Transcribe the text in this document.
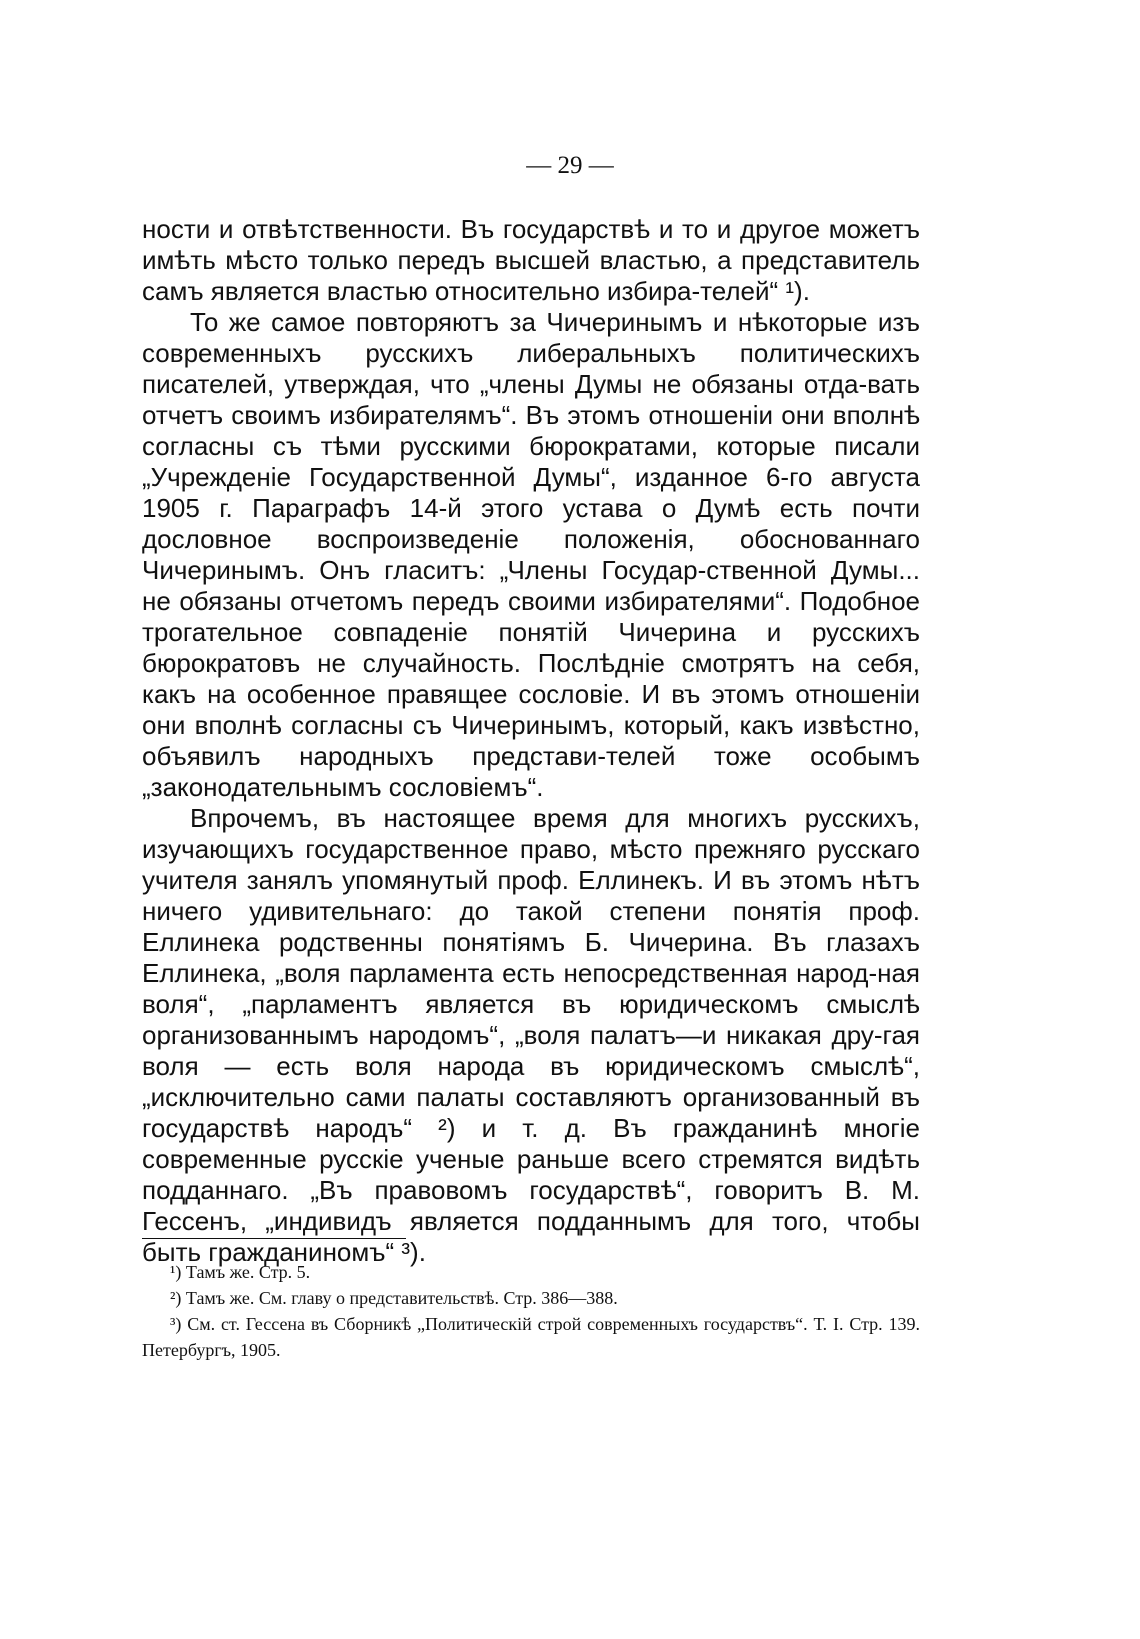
— 29 —

ности и отвѣтственности. Въ государствѣ и то и другое можетъ имѣть мѣсто только передъ высшей властью, а представитель самъ является властью относительно избира-телей“ ¹).

То же самое повторяютъ за Чичеринымъ и нѣкоторые изъ современныхъ русскихъ либеральныхъ политическихъ писателей, утверждая, что „члены Думы не обязаны отда-вать отчетъ своимъ избирателямъ“. Въ этомъ отношеніи они вполнѣ согласны съ тѣми русскими бюрократами, которые писали „Учрежденіе Государственной Думы“, изданное 6-го августа 1905 г. Параграфъ 14-й этого устава о Думѣ есть почти дословное воспроизведеніе положенія, обоснованнаго Чичеринымъ. Онъ гласитъ: „Члены Государ-ственной Думы... не обязаны отчетомъ передъ своими избирателями“. Подобное трогательное совпаденіе понятій Чичерина и русскихъ бюрократовъ не случайность. Послѣдніе смотрятъ на себя, какъ на особенное правящее сословіе. И въ этомъ отношеніи они вполнѣ согласны съ Чичеринымъ, который, какъ извѣстно, объявилъ народныхъ представи-телей тоже особымъ „законодательнымъ сословіемъ“.

Впрочемъ, въ настоящее время для многихъ русскихъ, изучающихъ государственное право, мѣсто прежняго русскаго учителя занялъ упомянутый проф. Еллинекъ. И въ этомъ нѣтъ ничего удивительнаго: до такой степени понятія проф. Еллинека родственны понятіямъ Б. Чичерина. Въ глазахъ Еллинека, „воля парламента есть непосредственная народ-ная воля“, „парламентъ является въ юридическомъ смыслѣ организованнымъ народомъ“, „воля палатъ—и никакая дру-гая воля — есть воля народа въ юридическомъ смыслѣ“, „исключительно сами палаты составляютъ организованный въ государствѣ народъ“ ²) и т. д. Въ гражданинѣ многіе современные русскіе ученые раньше всего стремятся видѣть подданнаго. „Въ правовомъ государствѣ“, говоритъ В. М. Гессенъ, „индивидъ является подданнымъ для того, чтобы быть гражданиномъ“ ³).

¹) Тамъ же. Стр. 5.

²) Тамъ же. См. главу о представительствѣ. Стр. 386—388.

³) См. ст. Гессена въ Сборникѣ „Политическій строй современныхъ государствъ“. Т. I. Стр. 139. Петербургъ, 1905.
